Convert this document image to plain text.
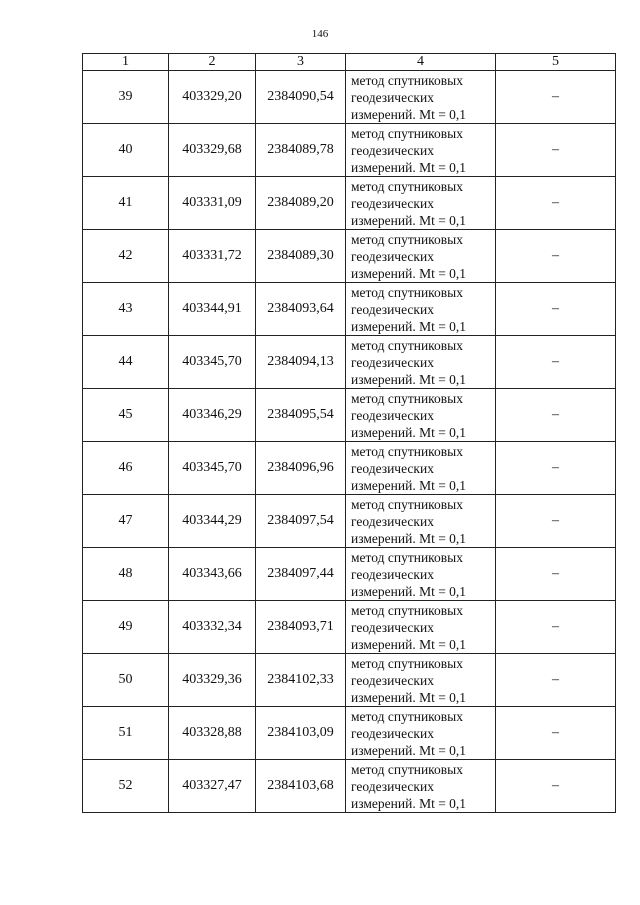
146
1	2	3	4	5
39	403329,20	2384090,54	метод спутниковых
геодезических
измерений. Mt = 0,1	–
40	403329,68	2384089,78	метод спутниковых
геодезических
измерений. Mt = 0,1	–
41	403331,09	2384089,20	метод спутниковых
геодезических
измерений. Mt = 0,1	–
42	403331,72	2384089,30	метод спутниковых
геодезических
измерений. Mt = 0,1	–
43	403344,91	2384093,64	метод спутниковых
геодезических
измерений. Mt = 0,1	–
44	403345,70	2384094,13	метод спутниковых
геодезических
измерений. Mt = 0,1	–
45	403346,29	2384095,54	метод спутниковых
геодезических
измерений. Mt = 0,1	–
46	403345,70	2384096,96	метод спутниковых
геодезических
измерений. Mt = 0,1	–
47	403344,29	2384097,54	метод спутниковых
геодезических
измерений. Mt = 0,1	–
48	403343,66	2384097,44	метод спутниковых
геодезических
измерений. Mt = 0,1	–
49	403332,34	2384093,71	метод спутниковых
геодезических
измерений. Mt = 0,1	–
50	403329,36	2384102,33	метод спутниковых
геодезических
измерений. Mt = 0,1	–
51	403328,88	2384103,09	метод спутниковых
геодезических
измерений. Mt = 0,1	–
52	403327,47	2384103,68	метод спутниковых
геодезических
измерений. Mt = 0,1	–
